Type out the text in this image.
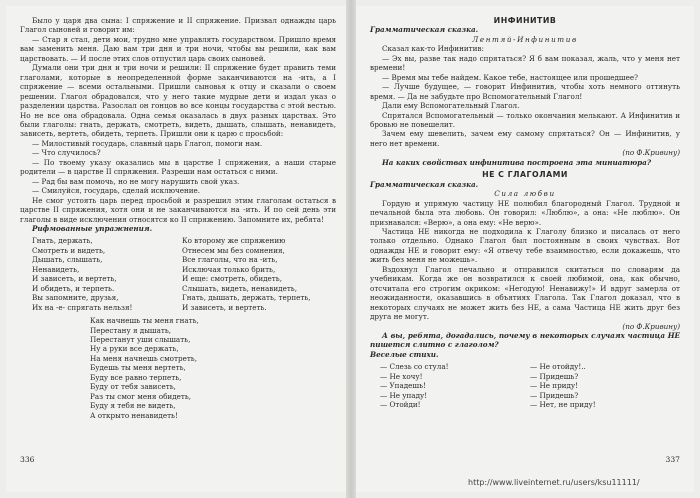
Было у царя два сына: I спряжение и II спряжение. Призвал однажды царь Глагол сыновей и говорит им:

— Стар я стал, дети мои, трудно мне управлять государством. Пришло время вам заменить меня. Даю вам три дня и три ночи, чтобы вы решили, как вам царствовать. — И после этих слов отпустил царь своих сыновей.

Думали они три дня и три ночи и решили: II спряжение будет править теми глаголами, которые в неопределенной форме заканчиваются на -ить, а I спряжение — всеми остальными. Пришли сыновья к отцу и сказали о своем решении. Глагол обрадовался, что у него такие мудрые дети и издал указ о разделении царства. Разослал он гонцов во все концы государства с этой вестью. Но не все она обрадовала. Одна семья оказалась в двух разных царствах. Это были глаголы: гнать, держать, смотреть, видеть, дышать, слышать, ненавидеть, зависеть, вертеть, обидеть, терпеть. Пришли они к царю с просьбой:

— Милостивый государь, славный царь Глагол, помоги нам.

— Что случилось?

— По твоему указу оказались мы в царстве I спряжения, а наши старые родители — в царстве II спряжения. Разреши нам остаться с ними.

— Рад бы вам помочь, но не могу нарушить свой указ.

— Смилуйся, государь, сделай исключение.

Не смог устоять царь перед просьбой и разрешил этим глаголам остаться в царстве II спряжения, хотя они и не заканчиваются на -ить. И по сей день эти глаголы в виде исключения относятся ко II спряжению. Запомните их, ребята!

Рифмованные упражнения.

Гнать, держать,
Смотреть и видеть,
Дышать, слышать,
Ненавидеть,
И зависеть, и вертеть,
И обидеть, и терпеть.
Вы запомните, друзья,
Их на -е- спрягать нельзя!
Ко второму же спряжению
Отнесем мы без сомнения,
Все глаголы, что на -ить,
Исключая только брить,
И еще: смотреть, обидеть,
Слышать, видеть, ненавидеть,
Гнать, дышать, держать, терпеть,
И зависеть, и вертеть.
Как начнешь ты меня гнать,
Перестану я дышать,
Перестанут уши слышать,
Ну а руки все держать,
На меня начнешь смотреть,
Будешь ты меня вертеть,
Буду все равно терпеть,
Буду от тебя зависеть,
Раз ты смог меня обидеть,
Буду я тебя не видеть,
А открыто ненавидеть!
336

ИНФИНИТИВ

Грамматическая сказка.

Лентяй-Инфинитив

Сказал как-то Инфинитив:

— Эх вы, разве так надо спрятаться? Я б вам показал, жаль, что у меня нет времени!

— Время мы тебе найдем. Какое тебе, настоящее или прошедшее?

— Лучше будущее, — говорит Инфинитив, чтобы хоть немного оттянуть время. — Да не забудьте про Вспомогательный Глагол!

Дали ему Вспомогательный Глагол.

Спрятался Вспомогательный — только окончания мелькают. А Инфинитив и бровью не повешелит.

Зачем ему шевелить, зачем ему самому спрятаться? Он — Инфинитив, у него нет времени.

(по Ф.Кривину)

На каких свойствах инфинитива построена эта миниатюра?

НЕ С ГЛАГОЛАМИ

Грамматическая сказка.

Сила любви

Гордую и упрямую частицу НЕ полюбил благородный Глагол. Трудной и печальной была эта любовь. Он говорил: «Люблю», а она: «Не люблю». Он признавался: «Верю», а она ему: «Не верю».

Частица НЕ никогда не подходила к Глаголу близко и писалась от него только отдельно. Однако Глагол был постоянным в своих чувствах. Вот однажды НЕ и говорит ему: «Я отвечу тебе взаимностью, если докажешь, что жить без меня не можешь».

Вздохнул Глагол печально и отправился скитаться по словарям да учебникам. Когда же он возвратился к своей любимой, она, как обычно, отсчитала его строгим окриком: «Негодую! Ненавижу!» И вдруг замерла от неожиданности, оказавшись в объятиях Глагола. Так Глагол доказал, что в некоторых случаях не может жить без НЕ, а сама Частица НЕ жить друг без друга не могут.

(по Ф.Кривину)

А вы, ребята, догадались, почему в некоторых случаях частица НЕ пишется слитно с глаголом?

Веселые стихи.

— Слезь со стула!
— Не хочу!
— Упадешь!
— Не упаду!
— Отойди!
— Не отойду!..
— Придешь?
— Не приду!
— Придешь?
— Нет, не приду!
337
http://www.liveinternet.ru/users/ksu11111/
